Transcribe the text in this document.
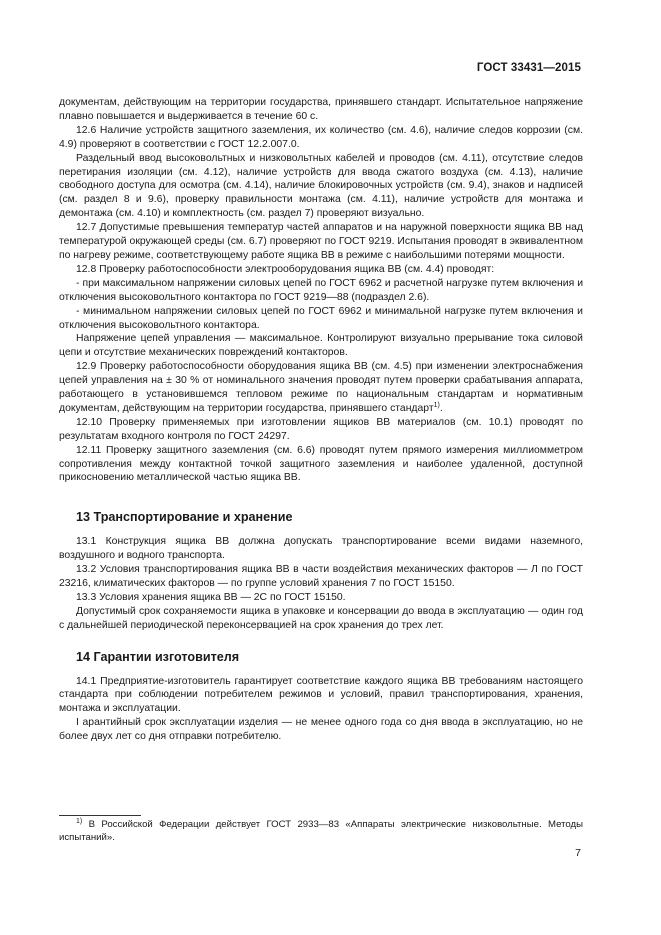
ГОСТ 33431—2015

документам, действующим на территории государства, принявшего стандарт. Испытательное напряжение плавно повышается и выдерживается в течение 60 с.

12.6 Наличие устройств защитного заземления, их количество (см. 4.6), наличие следов коррозии (см. 4.9) проверяют в соответствии с ГОСТ 12.2.007.0.

Раздельный ввод высоковольтных и низковольтных кабелей и проводов (см. 4.11), отсутствие следов перетирания изоляции (см. 4.12), наличие устройств для ввода сжатого воздуха (см. 4.13), наличие свободного доступа для осмотра (см. 4.14), наличие блокировочных устройств (см. 9.4), знаков и надписей (см. раздел 8 и 9.6), проверку правильности монтажа (см. 4.11), наличие устройств для монтажа и демонтажа (см. 4.10) и комплектность (см. раздел 7) проверяют визуально.

12.7 Допустимые превышения температур частей аппаратов и на наружной поверхности ящика ВВ над температурой окружающей среды (см. 6.7) проверяют по ГОСТ 9219. Испытания проводят в эквивалентном по нагреву режиме, соответствующему работе ящика ВВ в режиме с наибольшими потерями мощности.

12.8 Проверку работоспособности электрооборудования ящика ВВ (см. 4.4) проводят:

- при максимальном напряжении силовых цепей по ГОСТ 6962 и расчетной нагрузке путем включения и отключения высоковольтного контактора по ГОСТ 9219—88 (подраздел 2.6).

- минимальном напряжении силовых цепей по ГОСТ 6962 и минимальной нагрузке путем включения и отключения высоковольтного контактора.

Напряжение цепей управления — максимальное. Контролируют визуально прерывание тока силовой цепи и отсутствие механических повреждений контакторов.

12.9 Проверку работоспособности оборудования ящика ВВ (см. 4.5) при изменении электроснабжения цепей управления на ± 30 % от номинального значения проводят путем проверки срабатывания аппарата, работающего в установившемся тепловом режиме по национальным стандартам и нормативным документам, действующим на территории государства, принявшего стандарт$^{1)}$.

12.10 Проверку применяемых при изготовлении ящиков ВВ материалов (см. 10.1) проводят по результатам входного контроля по ГОСТ 24297.

12.11 Проверку защитного заземления (см. 6.6) проводят путем прямого измерения миллиомметром сопротивления между контактной точкой защитного заземления и наиболее удаленной, доступной прикосновению металлической частью ящика ВВ.

13 Транспортирование и хранение

13.1 Конструкция ящика ВВ должна допускать транспортирование всеми видами наземного, воздушного и водного транспорта.

13.2 Условия транспортирования ящика ВВ в части воздействия механических факторов — Л по ГОСТ 23216, климатических факторов — по группе условий хранения 7 по ГОСТ 15150.

13.3 Условия хранения ящика ВВ — 2С по ГОСТ 15150.

Допустимый срок сохраняемости ящика в упаковке и консервации до ввода в эксплуатацию — один год с дальнейшей периодической переконсервацией на срок хранения до трех лет.

14 Гарантии изготовителя

14.1 Предприятие-изготовитель гарантирует соответствие каждого ящика ВВ требованиям настоящего стандарта при соблюдении потребителем режимов и условий, правил транспортирования, хранения, монтажа и эксплуатации.

I арантийный срок эксплуатации изделия — не менее одного года со дня ввода в эксплуатацию, но не более двух лет со дня отправки потребителю.

$^{1)}$ В Российской Федерации действует ГОСТ 2933—83 «Аппараты электрические низковольтные. Методы испытаний».
7
